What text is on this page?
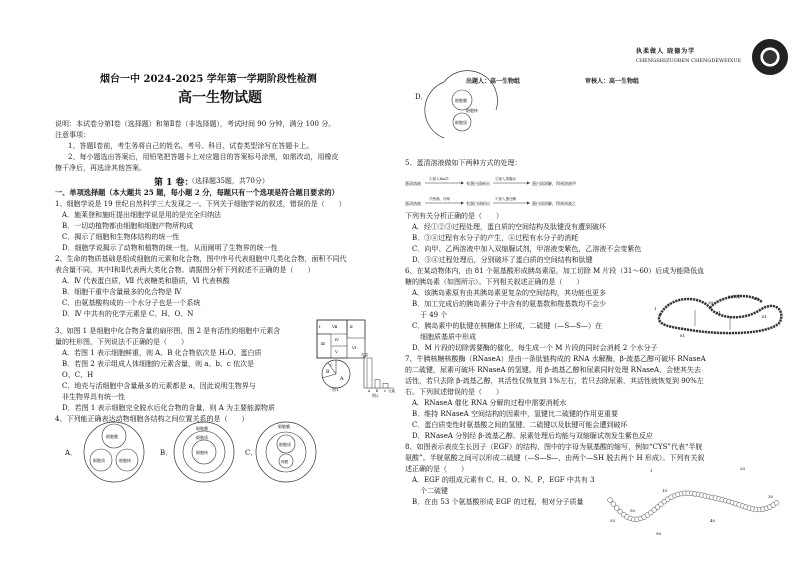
执柔做人 晓德为学
CHENGSHIZUOREN CHENGDEWEIXUE
烟台一中 2024-2025 学年第一学期阶段性检测
高一生物试题
说明：本试卷分第Ⅰ卷（选择题）和第Ⅱ卷（非选择题），考试时间 90 分钟，满分 100 分。
注意事项：
1、答题Ⅰ卷前，考生务将自己的姓名、考号、科目、试卷类型涂写在答题卡上。
2、每小题选出答案后，用铅笔把答题卡上对应题目的答案标号涂黑，如需改动，用橡皮
擦干净后，再选涂其他答案。
第 1 卷：
（选择题35题，共70分）
一、单项选择题（本大题共 25 题，每小题 2 分，每题只有一个选项是符合题目要求的）
1、细胞学说是 19 世纪自然科学三大发现之一。下列关于细胞学说的叙述，错误的是（　　）
A．施莱登和施旺提出细胞学说是用的是完全归纳法
B．一切动植物都由细胞和细胞产物所构成
C．揭示了细胞和生物体结构的统一性
D．细胞学说揭示了动物和植物的统一性，从而阐明了生物界的统一性
2、生命的物质基础是组成细胞的元素和化合物，图中序号代表细胞中几类化合物，面积不同代
表含量不同，其中Ⅰ和Ⅱ代表两大类化合物。请据图分析下列叙述不正确的是（　　）
A．Ⅳ 代表蛋白质，Ⅶ 代表糖类和脂质，Ⅵ 代表核酸
B．细胞干重中含量最多的化合物是 Ⅳ
C．由氨基酸构成的一个水分子也是一个系统
D．Ⅳ 中共有的化学元素是 C、H、O、N
3、如图 1 是细胞中化合物含量的扇形图，图 2 是有活性的细胞中元素含
量的柱形图，下列说法不正确的是（　　）
A．若图 1 表示细胞鲜重，则 A、B 化合物依次是 H₂O、蛋白质
B．若图 2 表示组成人体细胞的元素含量，则 a、b、c 依次是
O、C、H
C．地壳与活细胞中含量最多的元素都是 a，因此说明生物界与
非生物界具有统一性
D．若图 1 表示细胞完全脱水后化合物的含量，则 A 为主要能源物质
4、下列能正确表达动物细胞各结构之间位置关系的是（　　）
Ⅰ	Ⅱ
Ⅲ
Ⅳ
Ⅴ
Ⅵ
Ⅶ
A
B
C
图1
含量
元素
a b c
图2
A．
细胞膜
细胞质	细胞核
B．
细胞膜
细胞质
细胞核	C．
细胞膜
细胞质
核膜
出题人：高一生物组	审核人：高一生物组
D．	细胞膜
细胞质
细胞核
5、蛋清溶液做如下两种方式的处理：
蛋清溶液
①加入NaCl
有蛋白质析出
②加入蒸馏水
蛋白质溶解，得到溶液甲
蛋清溶液
③煮沸，冷却
有蛋白质析出
④加入蛋白酶
蛋白质溶解，得到溶液乙
下列有关分析正确的是（　　）
A．经①②③过程处理，蛋白质的空间结构及肽键没有遭到破坏
B．③④过程有水分子的产生，④过程有水分子的消耗
C．向甲、乙两溶液中加入双缩脲试剂，甲溶液变紫色，乙溶液不会变紫色
D．③④过程处理后，分别破坏了蛋白质的空间结构和肽键
6、在某动物体内，由 81 个氨基酸形成胰岛素原，加工切除 M 片段（31～60）后成为能降低血
糖的胰岛素（如图所示）。下列相关叙述正确的是（　　）
A．该胰岛素原有由其胰岛素更复杂的空间结构，其功能也更多
B．加工完成后的胰岛素分子中含有的氨基数和羧基数均不会少
于 49 个
C．胰岛素中的肽键在核糖体上形成，二硫键（—S—S—）在
细胞质基质中形成
D．M 片段的切除需要酶的催化，每生成一个 M 片段的同时会消耗 2 个水分子
1
30
31
60
61
81
M片段
7、牛胰核糖核酸酶（RNaseA）是由一条肽链构成的 RNA 水解酶，β-巯基乙醇可破坏 RNaseA
的二硫键，尿素可破坏 RNaseA 的氢键。用 β-巯基乙醇和尿素同时处理 RNaseA，会使其失去
活性，若只去除 β-巯基乙醇，其活性仅恢复到 1%左右，若只去除尿素，其活性就恢复到 90%左
右。下列叙述错误的是（　　）
A．RNaseA 催化 RNA 分解的过程中需要消耗水
B．维持 RNaseA 空间结构的因素中，氢键比二硫键的作用更重要
C．蛋白质变性时氨基酸之间的氢键、二硫键以及肽键可能会遭到破坏
D．RNaseA 分别经 β-巯基乙醇、尿素处理后均能与双缩脲试剂发生紫色反应
8、如图表示表皮生长因子（EGF）的结构，图中的字母为氨基酸的缩写，例如“CYS”代表“半胱
氨酸”。半胱氨酸之间可以形成二硫键（—S—S—，由两个—SH 脱去两个 H 形成）。下列有关叙
述正确的是（　　）
A．EGF 的组成元素有 C、H、O、N、P，EGF 中共有 3
个二硫键
B．在由 53 个氨基酸形成 EGF 的过程，相对分子质量
1
10
20
30
40
50
53
90
